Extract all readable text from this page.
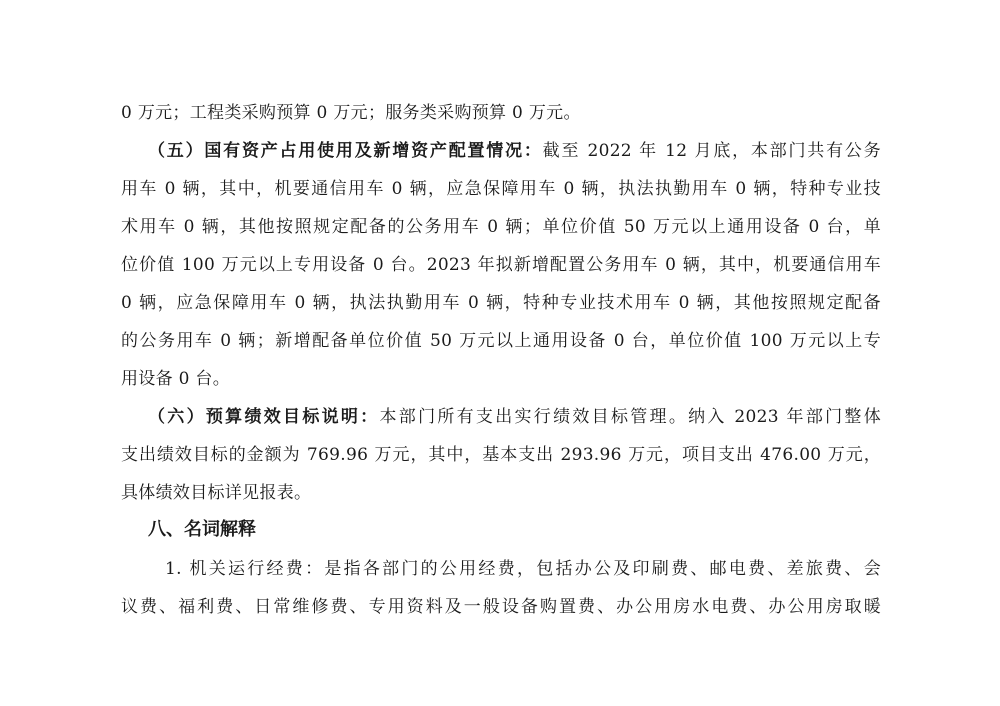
0 万元；工程类采购预算 0 万元；服务类采购预算 0 万元。
（五）国有资产占用使用及新增资产配置情况：截至 2022 年 12 月底，本部门共有公务
用车 0 辆，其中，机要通信用车 0 辆，应急保障用车 0 辆，执法执勤用车 0 辆，特种专业技
术用车 0 辆，其他按照规定配备的公务用车 0 辆；单位价值 50 万元以上通用设备 0 台，单
位价值 100 万元以上专用设备 0 台。2023 年拟新增配置公务用车 0 辆，其中，机要通信用车
0 辆，应急保障用车 0 辆，执法执勤用车 0 辆，特种专业技术用车 0 辆，其他按照规定配备
的公务用车 0 辆；新增配备单位价值 50 万元以上通用设备 0 台，单位价值 100 万元以上专
用设备 0 台。
（六）预算绩效目标说明：本部门所有支出实行绩效目标管理。纳入 2023 年部门整体
支出绩效目标的金额为 769.96 万元，其中，基本支出 293.96 万元，项目支出 476.00 万元，
具体绩效目标详见报表。
八、名词解释
1. 机关运行经费：是指各部门的公用经费，包括办公及印刷费、邮电费、差旅费、会
议费、福利费、日常维修费、专用资料及一般设备购置费、办公用房水电费、办公用房取暖
